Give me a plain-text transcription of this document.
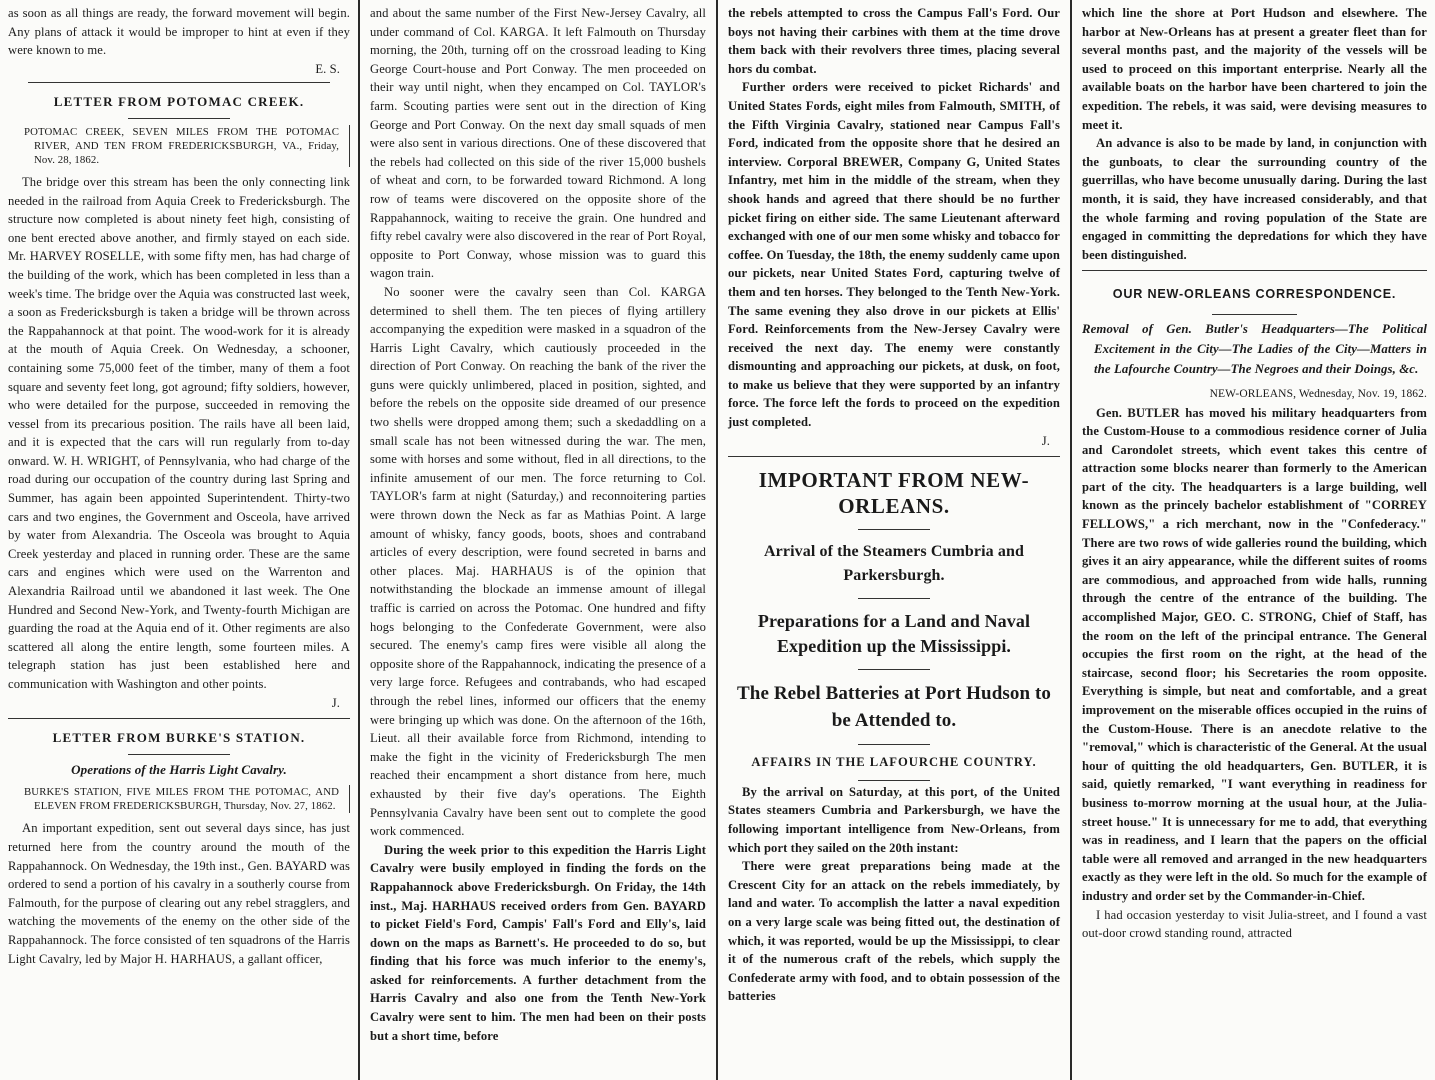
as soon as all things are ready, the forward movement will begin. Any plans of attack it would be improper to hint at even if they were known to me.

E. S.
LETTER FROM POTOMAC CREEK.
POTOMAC CREEK, SEVEN MILES FROM THE POTOMAC RIVER, AND TEN FROM FREDERICKSBURGH, VA., Friday, Nov. 28, 1862.

The bridge over this stream has been the only connecting link needed in the railroad from Aquia Creek to Fredericksburgh. The structure now completed is about ninety feet high, consisting of one bent erected above another, and firmly stayed on each side. Mr. HARVEY ROSELLE, with some fifty men, has had charge of the building of the work, which has been completed in less than a week's time. The bridge over the Aquia was constructed last week, a soon as Fredericksburgh is taken a bridge will be thrown across the Rappahannock at that point. The wood-work for it is already at the mouth of Aquia Creek. On Wednesday, a schooner, containing some 75,000 feet of the timber, many of them a foot square and seventy feet long, got aground; fifty soldiers, however, who were detailed for the purpose, succeeded in removing the vessel from its precarious position. The rails have all been laid, and it is expected that the cars will run regularly from to-day onward. W. H. WRIGHT, of Pennsylvania, who had charge of the road during our occupation of the country during last Spring and Summer, has again been appointed Superintendent. Thirty-two cars and two engines, the Government and Osceola, have arrived by water from Alexandria. The Osceola was brought to Aquia Creek yesterday and placed in running order. These are the same cars and engines which were used on the Warrenton and Alexandria Railroad until we abandoned it last week. The One Hundred and Second New-York, and Twenty-fourth Michigan are guarding the road at the Aquia end of it. Other regiments are also scattered all along the entire length, some fourteen miles. A telegraph station has just been established here and communication with Washington and other points.

J.
LETTER FROM BURKE'S STATION.
Operations of the Harris Light Cavalry.
BURKE'S STATION, FIVE MILES FROM THE POTOMAC, AND ELEVEN FROM FREDERICKSBURGH, Thursday, Nov. 27, 1862.

An important expedition, sent out several days since, has just returned here from the country around the mouth of the Rappahannock. On Wednesday, the 19th inst., Gen. BAYARD was ordered to send a portion of his cavalry in a southerly course from Falmouth, for the purpose of clearing out any rebel stragglers, and watching the movements of the enemy on the other side of the Rappahannock. The force consisted of ten squadrons of the Harris Light Cavalry, led by Major H. HARHAUS, a gallant officer,

and about the same number of the First New-Jersey Cavalry, all under command of Col. KARGA. It left Falmouth on Thursday morning, the 20th, turning off on the crossroad leading to King George Court-house and Port Conway. The men proceeded on their way until night, when they encamped on Col. TAYLOR's farm. Scouting parties were sent out in the direction of King George and Port Conway. On the next day small squads of men were also sent in various directions. One of these discovered that the rebels had collected on this side of the river 15,000 bushels of wheat and corn, to be forwarded toward Richmond. A long row of teams were discovered on the opposite shore of the Rappahannock, waiting to receive the grain. One hundred and fifty rebel cavalry were also discovered in the rear of Port Royal, opposite to Port Conway, whose mission was to guard this wagon train.

No sooner were the cavalry seen than Col. KARGA determined to shell them. The ten pieces of flying artillery accompanying the expedition were masked in a squadron of the Harris Light Cavalry, which cautiously proceeded in the direction of Port Conway. On reaching the bank of the river the guns were quickly unlimbered, placed in position, sighted, and before the rebels on the opposite side dreamed of our presence two shells were dropped among them; such a skedaddling on a small scale has not been witnessed during the war. The men, some with horses and some without, fled in all directions, to the infinite amusement of our men. The force returning to Col. TAYLOR's farm at night (Saturday,) and reconnoitering parties were thrown down the Neck as far as Mathias Point. A large amount of whisky, fancy goods, boots, shoes and contraband articles of every description, were found secreted in barns and other places. Maj. HARHAUS is of the opinion that notwithstanding the blockade an immense amount of illegal traffic is carried on across the Potomac. One hundred and fifty hogs belonging to the Confederate Government, were also secured. The enemy's camp fires were visible all along the opposite shore of the Rappahannock, indicating the presence of a very large force. Refugees and contrabands, who had escaped through the rebel lines, informed our officers that the enemy were bringing up which was done. On the afternoon of the 16th, Lieut. all their available force from Richmond, intending to make the fight in the vicinity of Fredericksburgh The men reached their encampment a short distance from here, much exhausted by their five day's operations. The Eighth Pennsylvania Cavalry have been sent out to complete the good work commenced.

During the week prior to this expedition the Harris Light Cavalry were busily employed in finding the fords on the Rappahannock above Fredericksburgh. On Friday, the 14th inst., Maj. HARHAUS received orders from Gen. BAYARD to picket Field's Ford, Campis' Fall's Ford and Elly's, laid down on the maps as Barnett's. He proceeded to do so, but finding that his force was much inferior to the enemy's, asked for reinforcements. A further detachment from the Harris Cavalry and also one from the Tenth New-York Cavalry were sent to him. The men had been on their posts but a short time, before

the rebels attempted to cross the Campus Fall's Ford. Our boys not having their carbines with them at the time drove them back with their revolvers three times, placing several hors du combat.

Further orders were received to picket Richards' and United States Fords, eight miles from Falmouth, SMITH, of the Fifth Virginia Cavalry, stationed near Campus Fall's Ford, indicated from the opposite shore that he desired an interview. Corporal BREWER, Company G, United States Infantry, met him in the middle of the stream, when they shook hands and agreed that there should be no further picket firing on either side. The same Lieutenant afterward exchanged with one of our men some whisky and tobacco for coffee. On Tuesday, the 18th, the enemy suddenly came upon our pickets, near United States Ford, capturing twelve of them and ten horses. They belonged to the Tenth New-York. The same evening they also drove in our pickets at Ellis' Ford. Reinforcements from the New-Jersey Cavalry were received the next day. The enemy were constantly dismounting and approaching our pickets, at dusk, on foot, to make us believe that they were supported by an infantry force. The force left the fords to proceed on the expedition just completed.

J.
IMPORTANT FROM NEW-ORLEANS.
Arrival of the Steamers Cumbria and Parkersburgh.
Preparations for a Land and Naval Expedition up the Mississippi.
The Rebel Batteries at Port Hudson to be Attended to.
AFFAIRS IN THE LAFOURCHE COUNTRY.

By the arrival on Saturday, at this port, of the United States steamers Cumbria and Parkersburgh, we have the following important intelligence from New-Orleans, from which port they sailed on the 20th instant:

There were great preparations being made at the Crescent City for an attack on the rebels immediately, by land and water. To accomplish the latter a naval expedition on a very large scale was being fitted out, the destination of which, it was reported, would be up the Mississippi, to clear it of the numerous craft of the rebels, which supply the Confederate army with food, and to obtain possession of the batteries

which line the shore at Port Hudson and elsewhere. The harbor at New-Orleans has at present a greater fleet than for several months past, and the majority of the vessels will be used to proceed on this important enterprise. Nearly all the available boats on the harbor have been chartered to join the expedition. The rebels, it was said, were devising measures to meet it.

An advance is also to be made by land, in conjunction with the gunboats, to clear the surrounding country of the guerrillas, who have become unusually daring. During the last month, it is said, they have increased considerably, and that the whole farming and roving population of the State are engaged in committing the depredations for which they have been distinguished.

OUR NEW-ORLEANS CORRESPONDENCE.
Removal of Gen. Butler's Headquarters—The Political Excitement in the City—The Ladies of the City—Matters in the Lafourche Country—The Negroes and their Doings, &c.

NEW-ORLEANS, Wednesday, Nov. 19, 1862.

Gen. BUTLER has moved his military headquarters from the Custom-House to a commodious residence corner of Julia and Carondolet streets, which event takes this centre of attraction some blocks nearer than formerly to the American part of the city. The headquarters is a large building, well known as the princely bachelor establishment of "CORREY FELLOWS," a rich merchant, now in the "Confederacy." There are two rows of wide galleries round the building, which gives it an airy appearance, while the different suites of rooms are commodious, and approached from wide halls, running through the centre of the entrance of the building. The accomplished Major, GEO. C. STRONG, Chief of Staff, has the room on the left of the principal entrance. The General occupies the first room on the right, at the head of the staircase, second floor; his Secretaries the room opposite. Everything is simple, but neat and comfortable, and a great improvement on the miserable offices occupied in the ruins of the Custom-House. There is an anecdote relative to the "removal," which is characteristic of the General. At the usual hour of quitting the old headquarters, Gen. BUTLER, it is said, quietly remarked, "I want everything in readiness for business to-morrow morning at the usual hour, at the Julia-street house." It is unnecessary for me to add, that everything was in readiness, and I learn that the papers on the official table were all removed and arranged in the new headquarters exactly as they were left in the old. So much for the example of industry and order set by the Commander-in-Chief.

I had occasion yesterday to visit Julia-street, and I found a vast out-door crowd standing round, attracted
